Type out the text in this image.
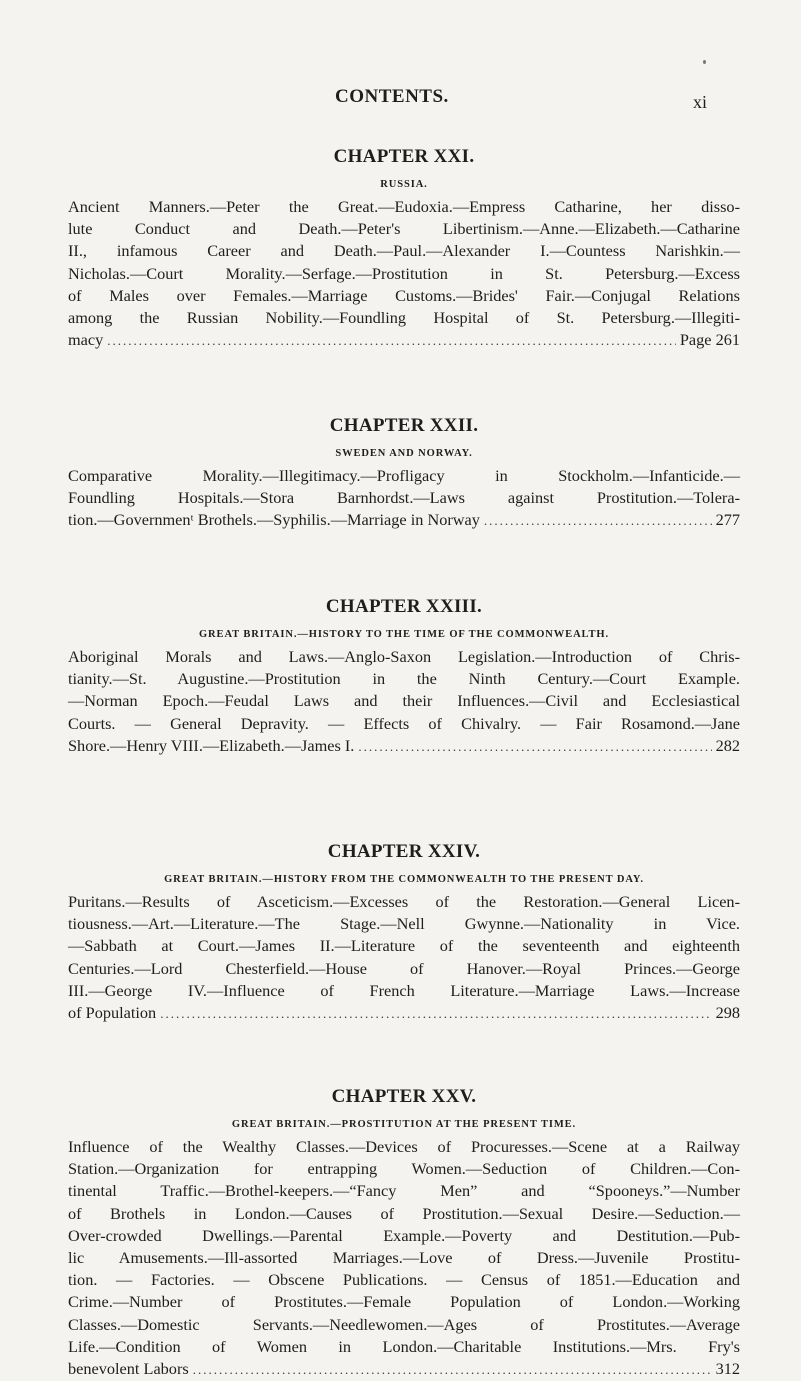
CONTENTS.	xi
CHAPTER XXI.
RUSSIA.
Ancient Manners.—Peter the Great.—Eudoxia.—Empress Catharine, her disso-
lute Conduct and Death.—Peter's Libertinism.—Anne.—Elizabeth.—Catharine
II., infamous Career and Death.—Paul.—Alexander I.—Countess Narishkin.—
Nicholas.—Court Morality.—Serfage.—Prostitution in St. Petersburg.—Excess
of Males over Females.—Marriage Customs.—Brides' Fair.—Conjugal Relations
among the Russian Nobility.—Foundling Hospital of St. Petersburg.—Illegiti-
macy .....	Page 261
CHAPTER XXII.
SWEDEN AND NORWAY.
Comparative Morality.—Illegitimacy.—Profligacy in Stockholm.—Infanticide.—
Foundling Hospitals.—Stora Barnhordst.—Laws against Prostitution.—Tolera-
tion.—Governmenᵗ Brothels.—Syphilis.—Marriage in Norway .....	277
CHAPTER XXIII.
GREAT BRITAIN.—HISTORY TO THE TIME OF THE COMMONWEALTH.
Aboriginal Morals and Laws.—Anglo-Saxon Legislation.—Introduction of Chris-
tianity.—St. Augustine.—Prostitution in the Ninth Century.—Court Example.
—Norman Epoch.—Feudal Laws and their Influences.—Civil and Ecclesiastical
Courts. — General Depravity. — Effects of Chivalry. — Fair Rosamond.—Jane
Shore.—Henry VIII.—Elizabeth.—James I. .....	282
CHAPTER XXIV.
GREAT BRITAIN.—HISTORY FROM THE COMMONWEALTH TO THE PRESENT DAY.
Puritans.—Results of Asceticism.—Excesses of the Restoration.—General Licen-
tiousness.—Art.—Literature.—The Stage.—Nell Gwynne.—Nationality in Vice.
—Sabbath at Court.—James II.—Literature of the seventeenth and eighteenth
Centuries.—Lord Chesterfield.—House of Hanover.—Royal Princes.—George
III.—George IV.—Influence of French Literature.—Marriage Laws.—Increase
of Population .....	298
CHAPTER XXV.
GREAT BRITAIN.—PROSTITUTION AT THE PRESENT TIME.
Influence of the Wealthy Classes.—Devices of Procuresses.—Scene at a Railway
Station.—Organization for entrapping Women.—Seduction of Children.—Con-
tinental Traffic.—Brothel-keepers.—“Fancy Men” and “Spooneys.”—Number
of Brothels in London.—Causes of Prostitution.—Sexual Desire.—Seduction.—
Over-crowded Dwellings.—Parental Example.—Poverty and Destitution.—Pub-
lic Amusements.—Ill-assorted Marriages.—Love of Dress.—Juvenile Prostitu-
tion. — Factories. — Obscene Publications. — Census of 1851.—Education and
Crime.—Number of Prostitutes.—Female Population of London.—Working
Classes.—Domestic Servants.—Needlewomen.—Ages of Prostitutes.—Average
Life.—Condition of Women in London.—Charitable Institutions.—Mrs. Fry's
benevolent Labors .....	312
